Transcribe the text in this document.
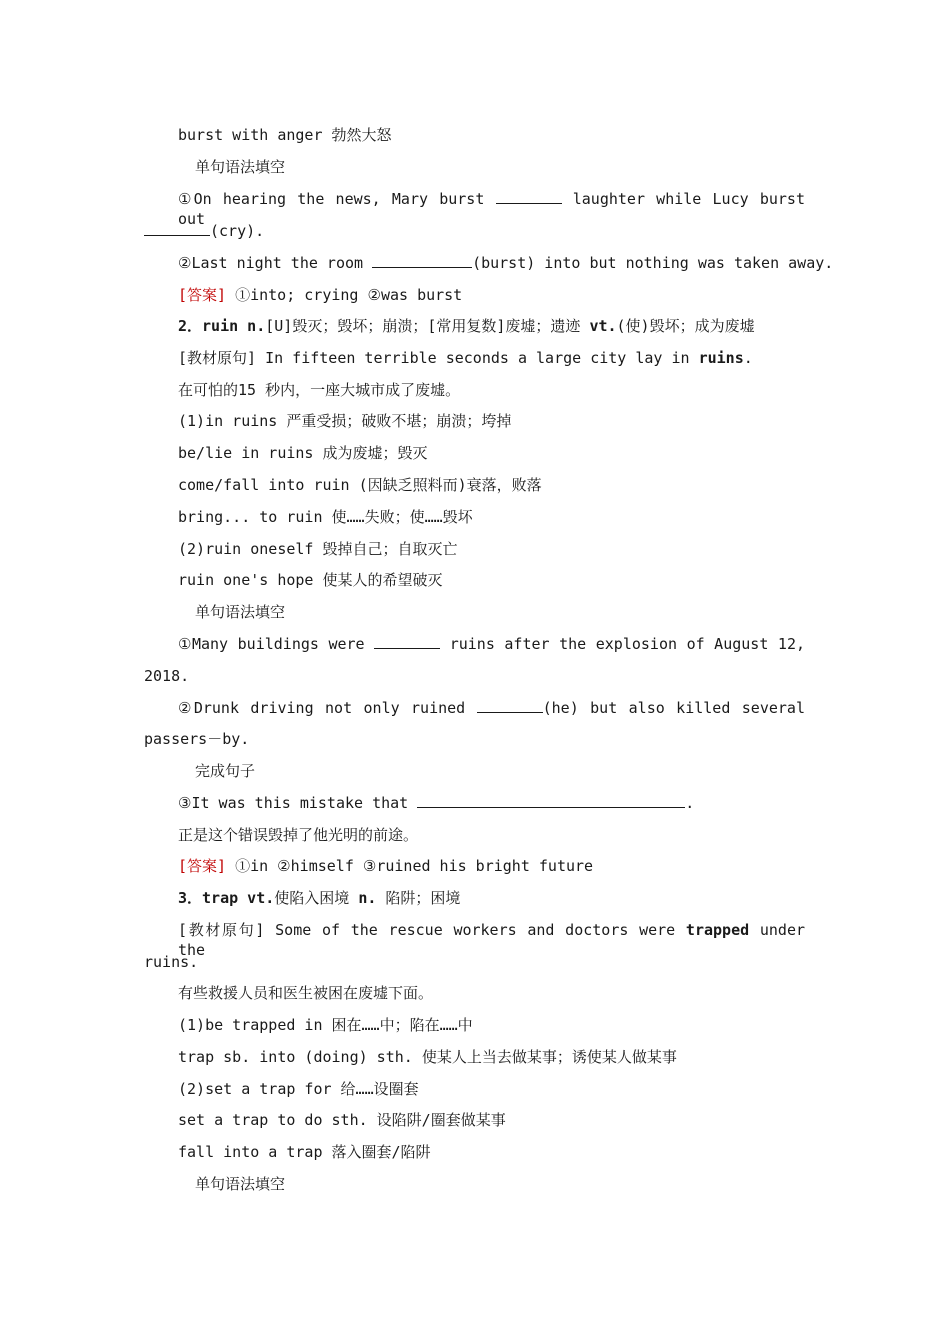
burst with anger 勃然大怒
单句语法填空
①On hearing the news, Mary burst	laughter while Lucy burst out
(cry).
②Last night the room	(burst) into but nothing was taken away.
[答案] ①into; crying ②was burst
2．ruin n.[U]毁灭；毁坏；崩溃；[常用复数]废墟；遗迹 vt.(使)毁坏；成为废墟
[教材原句] In fifteen terrible seconds a large city lay in ruins.
在可怕的15 秒内，一座大城市成了废墟。
(1)in ruins 严重受损；破败不堪；崩溃；垮掉
be/lie in ruins 成为废墟；毁灭
come/fall into ruin (因缺乏照料而)衰落，败落
bring... to ruin 使……失败；使……毁坏
(2)ruin oneself 毁掉自己；自取灭亡
ruin one's hope 使某人的希望破灭
单句语法填空
①Many buildings were	ruins after the explosion of August 12,
2018.
②Drunk driving not only ruined	(he) but also killed several
passers－by.
完成句子
③It was this mistake that	.
正是这个错误毁掉了他光明的前途。
[答案] ①in ②himself ③ruined his bright future
3．trap vt.使陷入困境 n. 陷阱；困境
[教材原句] Some of the rescue workers and doctors were trapped under the
ruins.
有些救援人员和医生被困在废墟下面。
(1)be trapped in 困在……中；陷在……中
trap sb. into (doing) sth. 使某人上当去做某事；诱使某人做某事
(2)set a trap for 给……设圈套
set a trap to do sth. 设陷阱/圈套做某事
fall into a trap 落入圈套/陷阱
单句语法填空
